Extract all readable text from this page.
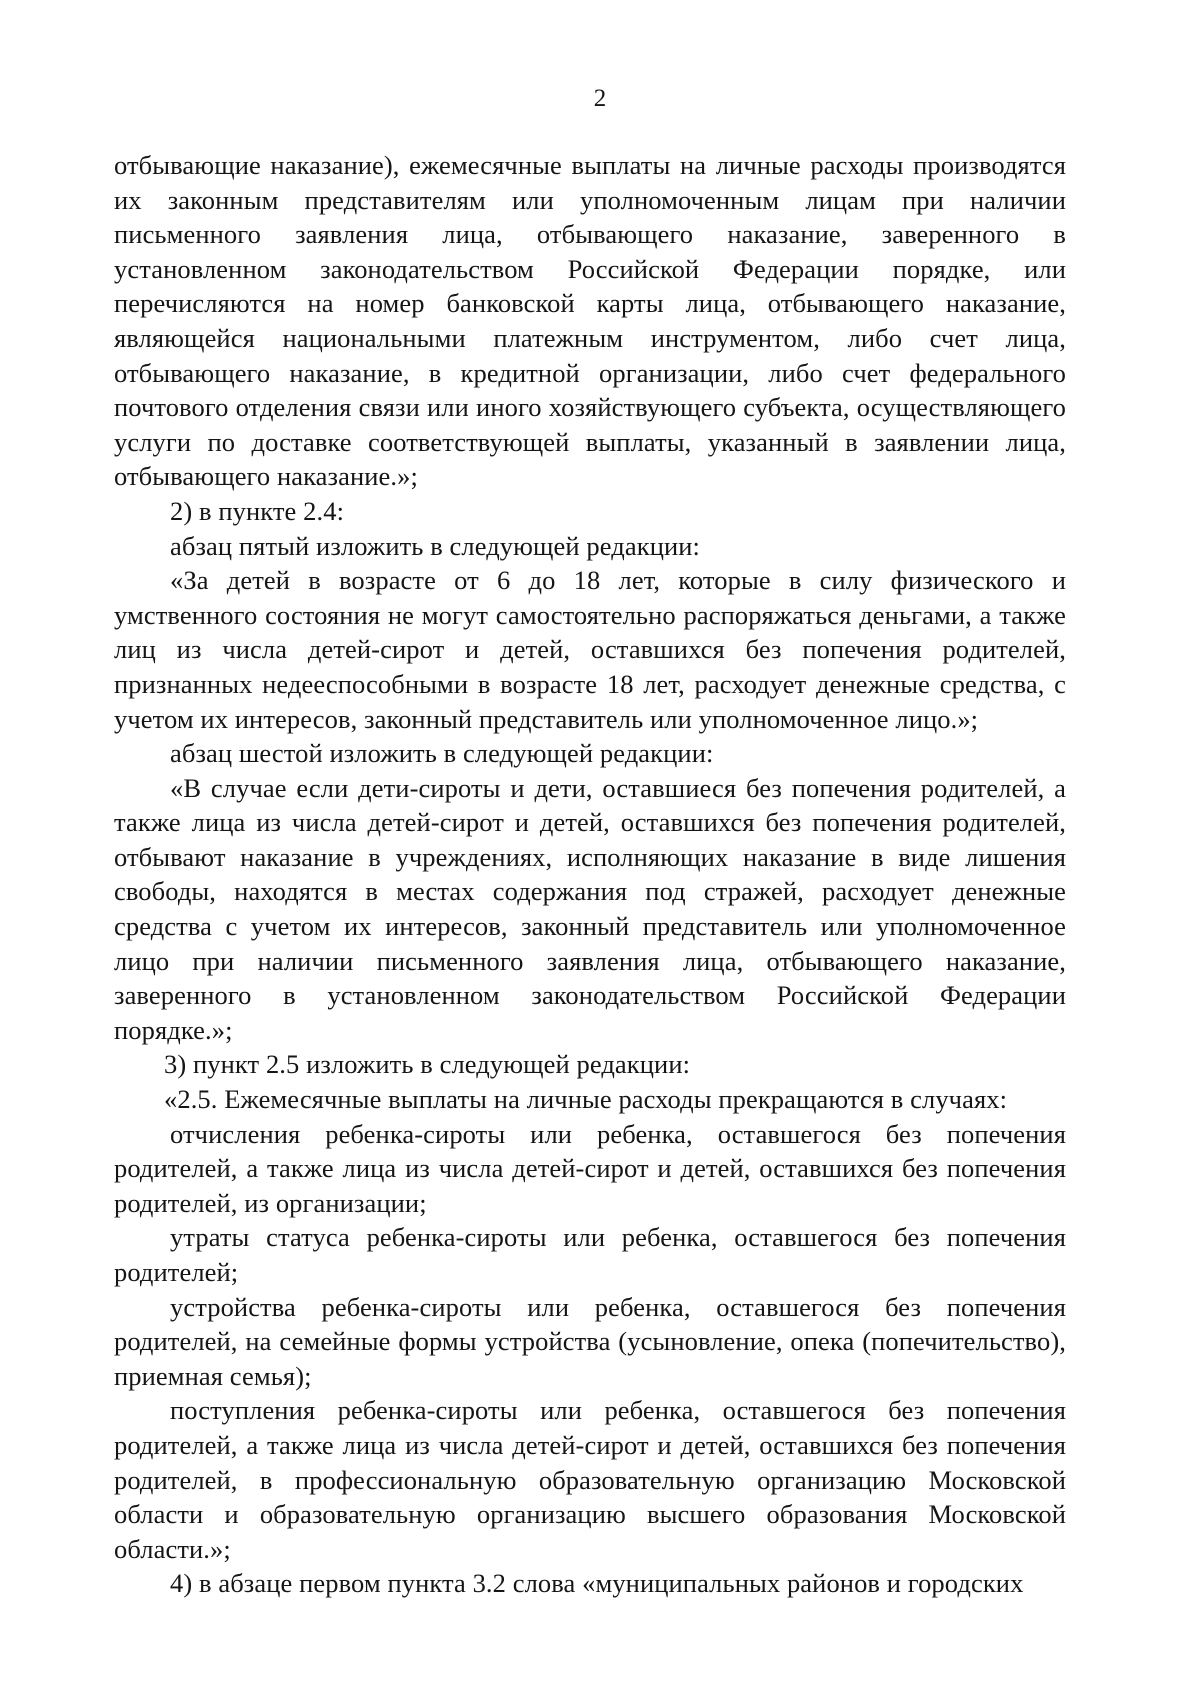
2

отбывающие наказание), ежемесячные выплаты на личные расходы производятся их законным представителям или уполномоченным лицам при наличии письменного заявления лица, отбывающего наказание, заверенного в установленном законодательством Российской Федерации порядке, или перечисляются на номер банковской карты лица, отбывающего наказание, являющейся национальными платежным инструментом, либо счет лица, отбывающего наказание, в кредитной организации, либо счет федерального почтового отделения связи или иного хозяйствующего субъекта, осуществляющего услуги по доставке соответствующей выплаты, указанный в заявлении лица, отбывающего наказание.»;

2) в пункте 2.4:

абзац пятый изложить в следующей редакции:

«За детей в возрасте от 6 до 18 лет, которые в силу физического и умственного состояния не могут самостоятельно распоряжаться деньгами, а также лиц из числа детей-сирот и детей, оставшихся без попечения родителей, признанных недееспособными в возрасте 18 лет, расходует денежные средства, с учетом их интересов, законный представитель или уполномоченное лицо.»;

абзац шестой изложить в следующей редакции:

«В случае если дети-сироты и дети, оставшиеся без попечения родителей, а также лица из числа детей-сирот и детей, оставшихся без попечения родителей, отбывают наказание в учреждениях, исполняющих наказание в виде лишения свободы, находятся в местах содержания под стражей, расходует денежные средства с учетом их интересов, законный представитель или уполномоченное лицо при наличии письменного заявления лица, отбывающего наказание, заверенного в установленном законодательством Российской Федерации порядке.»;

3) пункт 2.5 изложить в следующей редакции:

«2.5. Ежемесячные выплаты на личные расходы прекращаются в случаях:

отчисления ребенка-сироты или ребенка, оставшегося без попечения родителей, а также лица из числа детей-сирот и детей, оставшихся без попечения родителей, из организации;

утраты статуса ребенка-сироты или ребенка, оставшегося без попечения родителей;

устройства ребенка-сироты или ребенка, оставшегося без попечения родителей, на семейные формы устройства (усыновление, опека (попечительство), приемная семья);

поступления ребенка-сироты или ребенка, оставшегося без попечения родителей, а также лица из числа детей-сирот и детей, оставшихся без попечения родителей, в профессиональную образовательную организацию Московской области и образовательную организацию высшего образования Московской области.»;

4) в абзаце первом пункта 3.2 слова «муниципальных районов и городских
